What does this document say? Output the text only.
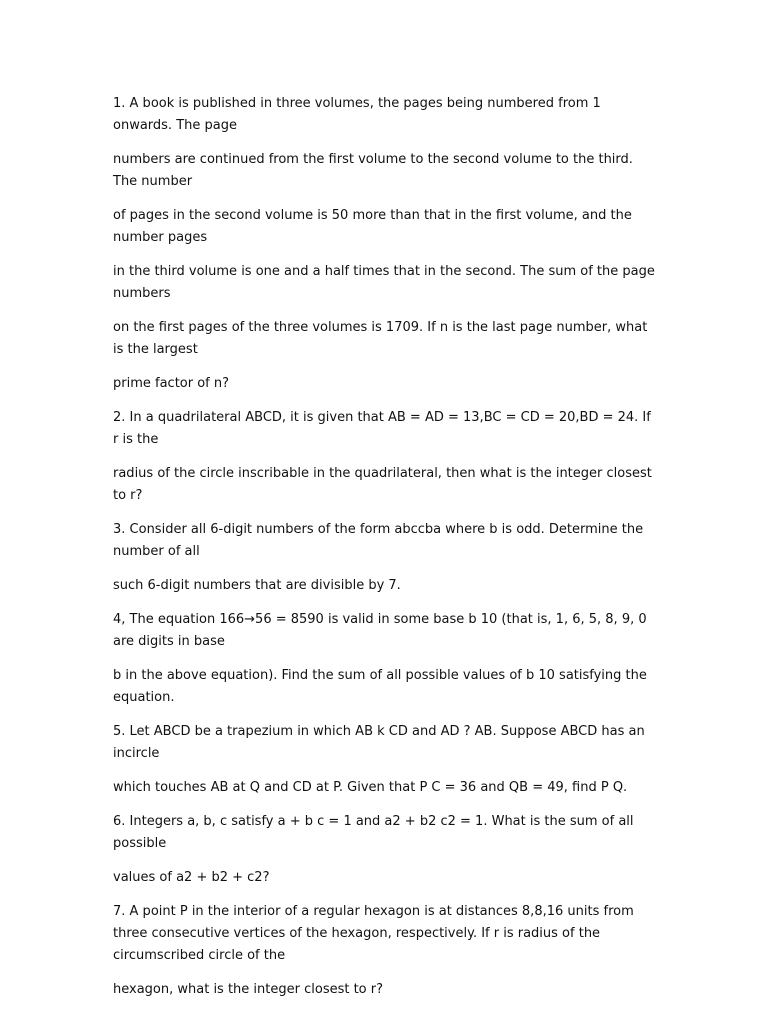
1. A book is published in three volumes, the pages being numbered from 1 onwards. The page

numbers are continued from the first volume to the second volume to the third. The number

of pages in the second volume is 50 more than that in the first volume, and the number pages

in the third volume is one and a half times that in the second. The sum of the page numbers

on the first pages of the three volumes is 1709. If n is the last page number, what is the largest

prime factor of n?

2. In a quadrilateral ABCD, it is given that AB = AD = 13,BC = CD = 20,BD = 24. If r is the

radius of the circle inscribable in the quadrilateral, then what is the integer closest to r?

3. Consider all 6-digit numbers of the form abccba where b is odd. Determine the number of all

such 6-digit numbers that are divisible by 7.

4, The equation 166→56 = 8590 is valid in some base b 10 (that is, 1, 6, 5, 8, 9, 0 are digits in base

b in the above equation). Find the sum of all possible values of b 10 satisfying the equation.

5. Let ABCD be a trapezium in which AB k CD and AD ? AB. Suppose ABCD has an incircle

which touches AB at Q and CD at P. Given that P C = 36 and QB = 49, find P Q.

6. Integers a, b, c satisfy a + b c = 1 and a2 + b2 c2 = 1. What is the sum of all possible

values of a2 + b2 + c2?

7. A point P in the interior of a regular hexagon is at distances 8,8,16 units from three consecutive vertices of the hexagon, respectively. If r is radius of the circumscribed circle of the

hexagon, what is the integer closest to r?
